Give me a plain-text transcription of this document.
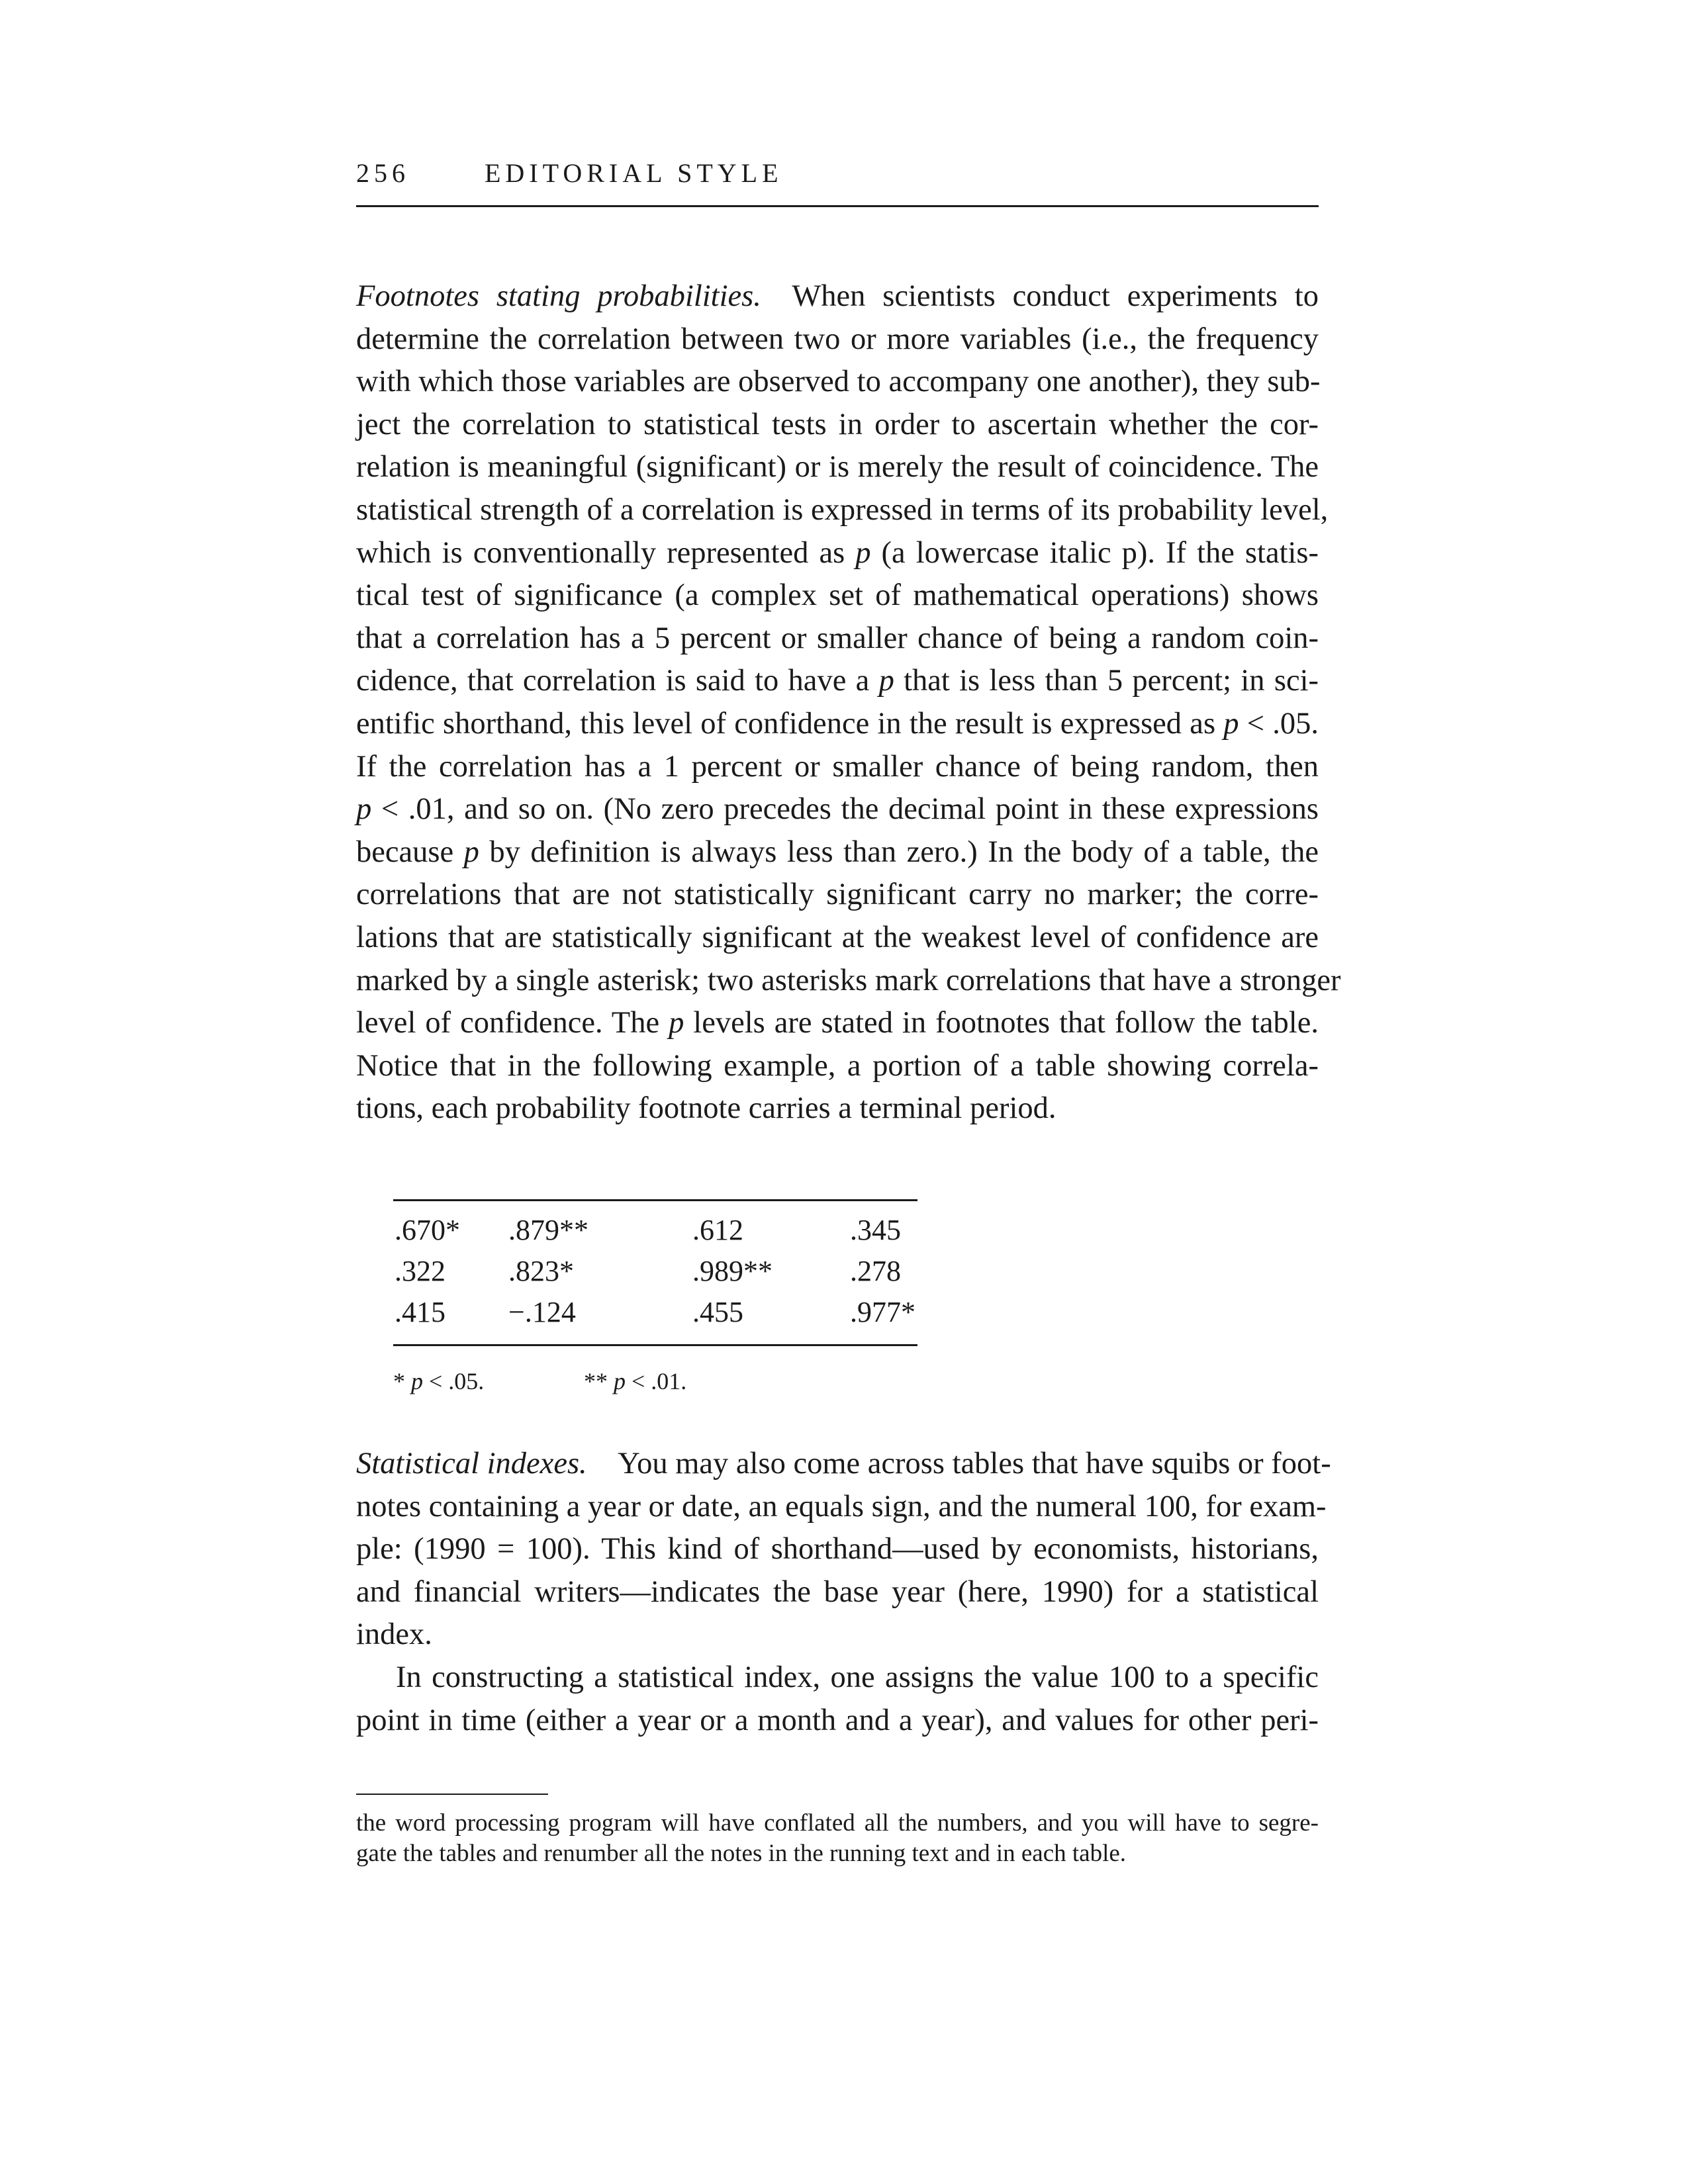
256	EDITORIAL STYLE

Footnotes stating probabilities.  When scientists conduct experiments to
determine the correlation between two or more variables (i.e., the frequency
with which those variables are observed to accompany one another), they sub-
ject the correlation to statistical tests in order to ascertain whether the cor-
relation is meaningful (significant) or is merely the result of coincidence. The
statistical strength of a correlation is expressed in terms of its probability level,
which is conventionally represented as p (a lowercase italic p). If the statis-
tical test of significance (a complex set of mathematical operations) shows
that a correlation has a 5 percent or smaller chance of being a random coin-
cidence, that correlation is said to have a p that is less than 5 percent; in sci-
entific shorthand, this level of confidence in the result is expressed as p < .05.
If the correlation has a 1 percent or smaller chance of being random, then
p < .01, and so on. (No zero precedes the decimal point in these expressions
because p by definition is always less than zero.) In the body of a table, the
correlations that are not statistically significant carry no marker; the corre-
lations that are statistically significant at the weakest level of confidence are
marked by a single asterisk; two asterisks mark correlations that have a stronger
level of confidence. The p levels are stated in footnotes that follow the table.
Notice that in the following example, a portion of a table showing correla-
tions, each probability footnote carries a terminal period.

.670* .879**	.612	.345
.322 .823*	.989**	.278
.415 −.124	.455	.977*
* p < .05.	** p < .01.

Statistical indexes.  You may also come across tables that have squibs or foot-
notes containing a year or date, an equals sign, and the numeral 100, for exam-
ple: (1990 = 100). This kind of shorthand—used by economists, historians,
and financial writers—indicates the base year (here, 1990) for a statistical
index.

In constructing a statistical index, one assigns the value 100 to a specific
point in time (either a year or a month and a year), and values for other peri-

the word processing program will have conflated all the numbers, and you will have to segre-
gate the tables and renumber all the notes in the running text and in each table.
